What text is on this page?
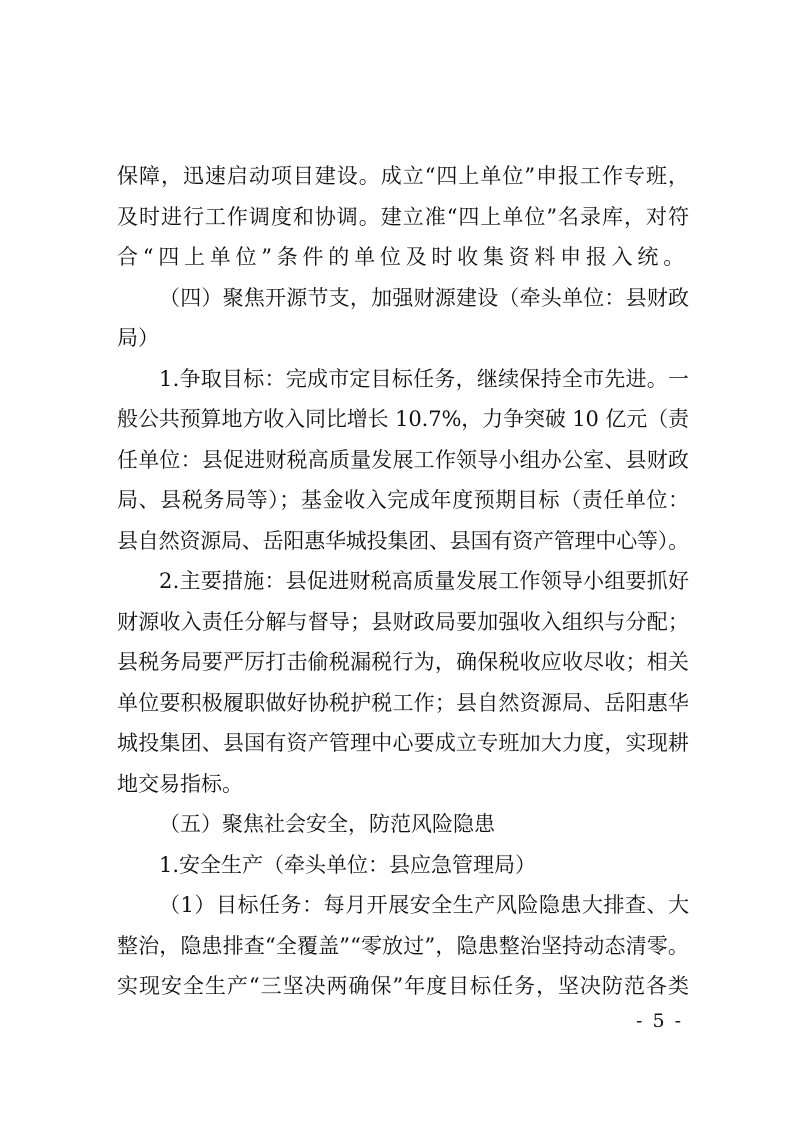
保障，迅速启动项目建设。成立“四上单位”申报工作专班，
及时进行工作调度和协调。建立准“四上单位”名录库，对符
合“四上单位”条件的单位及时收集资料申报入统。
（四）聚焦开源节支，加强财源建设（牵头单位：县财政
局）
1.争取目标：完成市定目标任务，继续保持全市先进。一
般公共预算地方收入同比增长 10.7%，力争突破 10 亿元（责
任单位：县促进财税高质量发展工作领导小组办公室、县财政
局、县税务局等）；基金收入完成年度预期目标（责任单位：
县自然资源局、岳阳惠华城投集团、县国有资产管理中心等）。
2.主要措施：县促进财税高质量发展工作领导小组要抓好
财源收入责任分解与督导；县财政局要加强收入组织与分配；
县税务局要严厉打击偷税漏税行为，确保税收应收尽收；相关
单位要积极履职做好协税护税工作；县自然资源局、岳阳惠华
城投集团、县国有资产管理中心要成立专班加大力度，实现耕
地交易指标。
（五）聚焦社会安全，防范风险隐患
1.安全生产（牵头单位：县应急管理局）
（1）目标任务：每月开展安全生产风险隐患大排查、大
整治，隐患排查“全覆盖”“零放过”，隐患整治坚持动态清零。
实现安全生产“三坚决两确保”年度目标任务，坚决防范各类
- 5 -
